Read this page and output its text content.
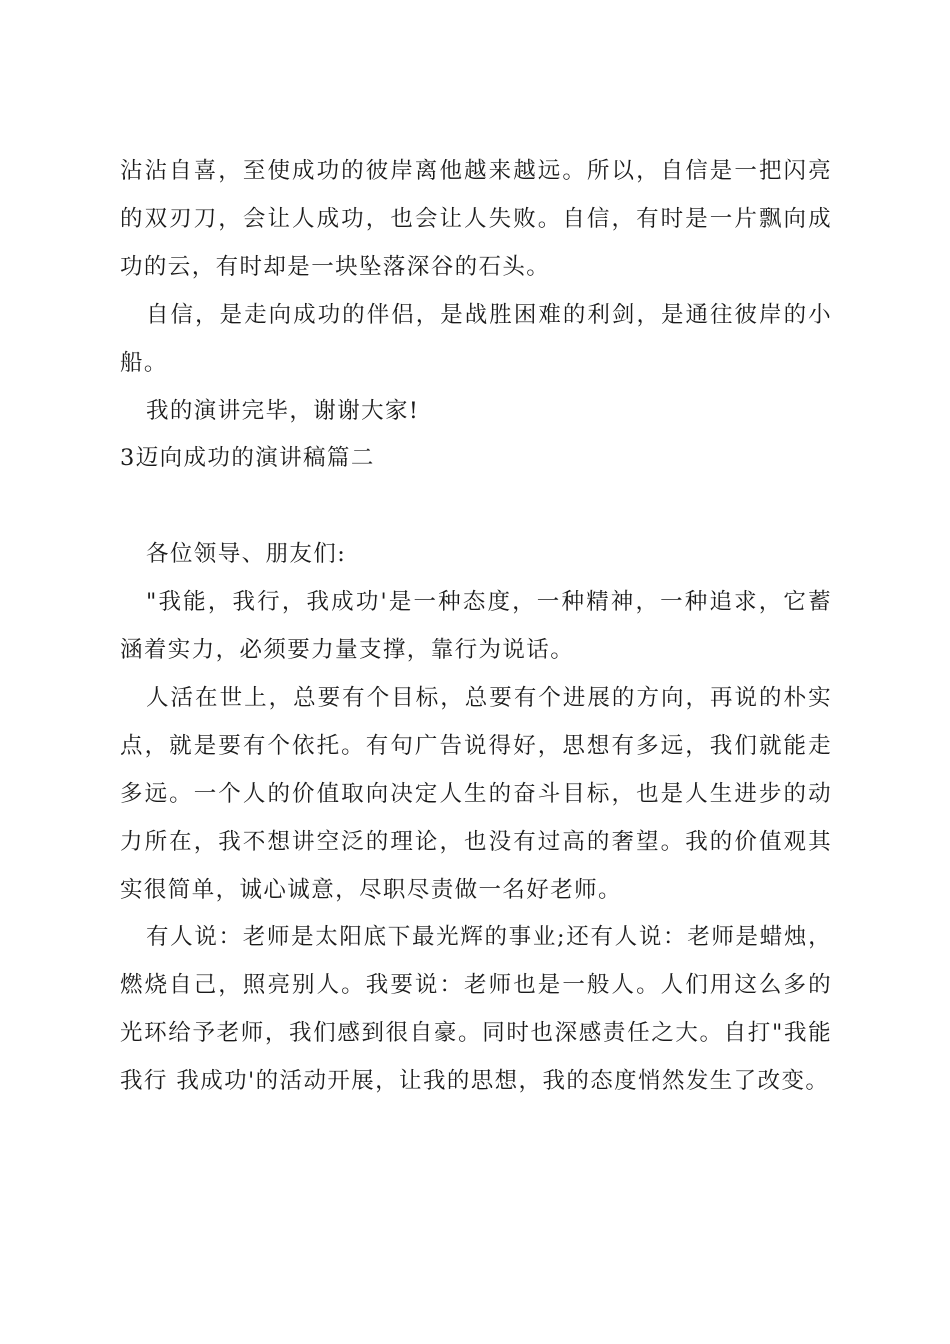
沾沾自喜，至使成功的彼岸离他越来越远。所以，自信是一把闪亮的双刃刀，会让人成功，也会让人失败。自信，有时是一片飘向成功的云，有时却是一块坠落深谷的石头。

自信，是走向成功的伴侣，是战胜困难的利剑，是通往彼岸的小船。

我的演讲完毕，谢谢大家!

3迈向成功的演讲稿篇二

各位领导、朋友们:

"我能，我行，我成功'是一种态度，一种精神，一种追求，它蓄涵着实力，必须要力量支撑，靠行为说话。

人活在世上，总要有个目标，总要有个进展的方向，再说的朴实点，就是要有个依托。有句广告说得好，思想有多远，我们就能走多远。一个人的价值取向决定人生的奋斗目标，也是人生进步的动力所在，我不想讲空泛的理论，也没有过高的奢望。我的价值观其实很简单，诚心诚意，尽职尽责做一名好老师。

有人说：老师是太阳底下最光辉的事业;还有人说：老师是蜡烛，燃烧自己，照亮别人。我要说：老师也是一般人。人们用这么多的光环给予老师，我们感到很自豪。同时也深感责任之大。自打"我能 我行 我成功'的活动开展，让我的思想，我的态度悄然发生了改变。
